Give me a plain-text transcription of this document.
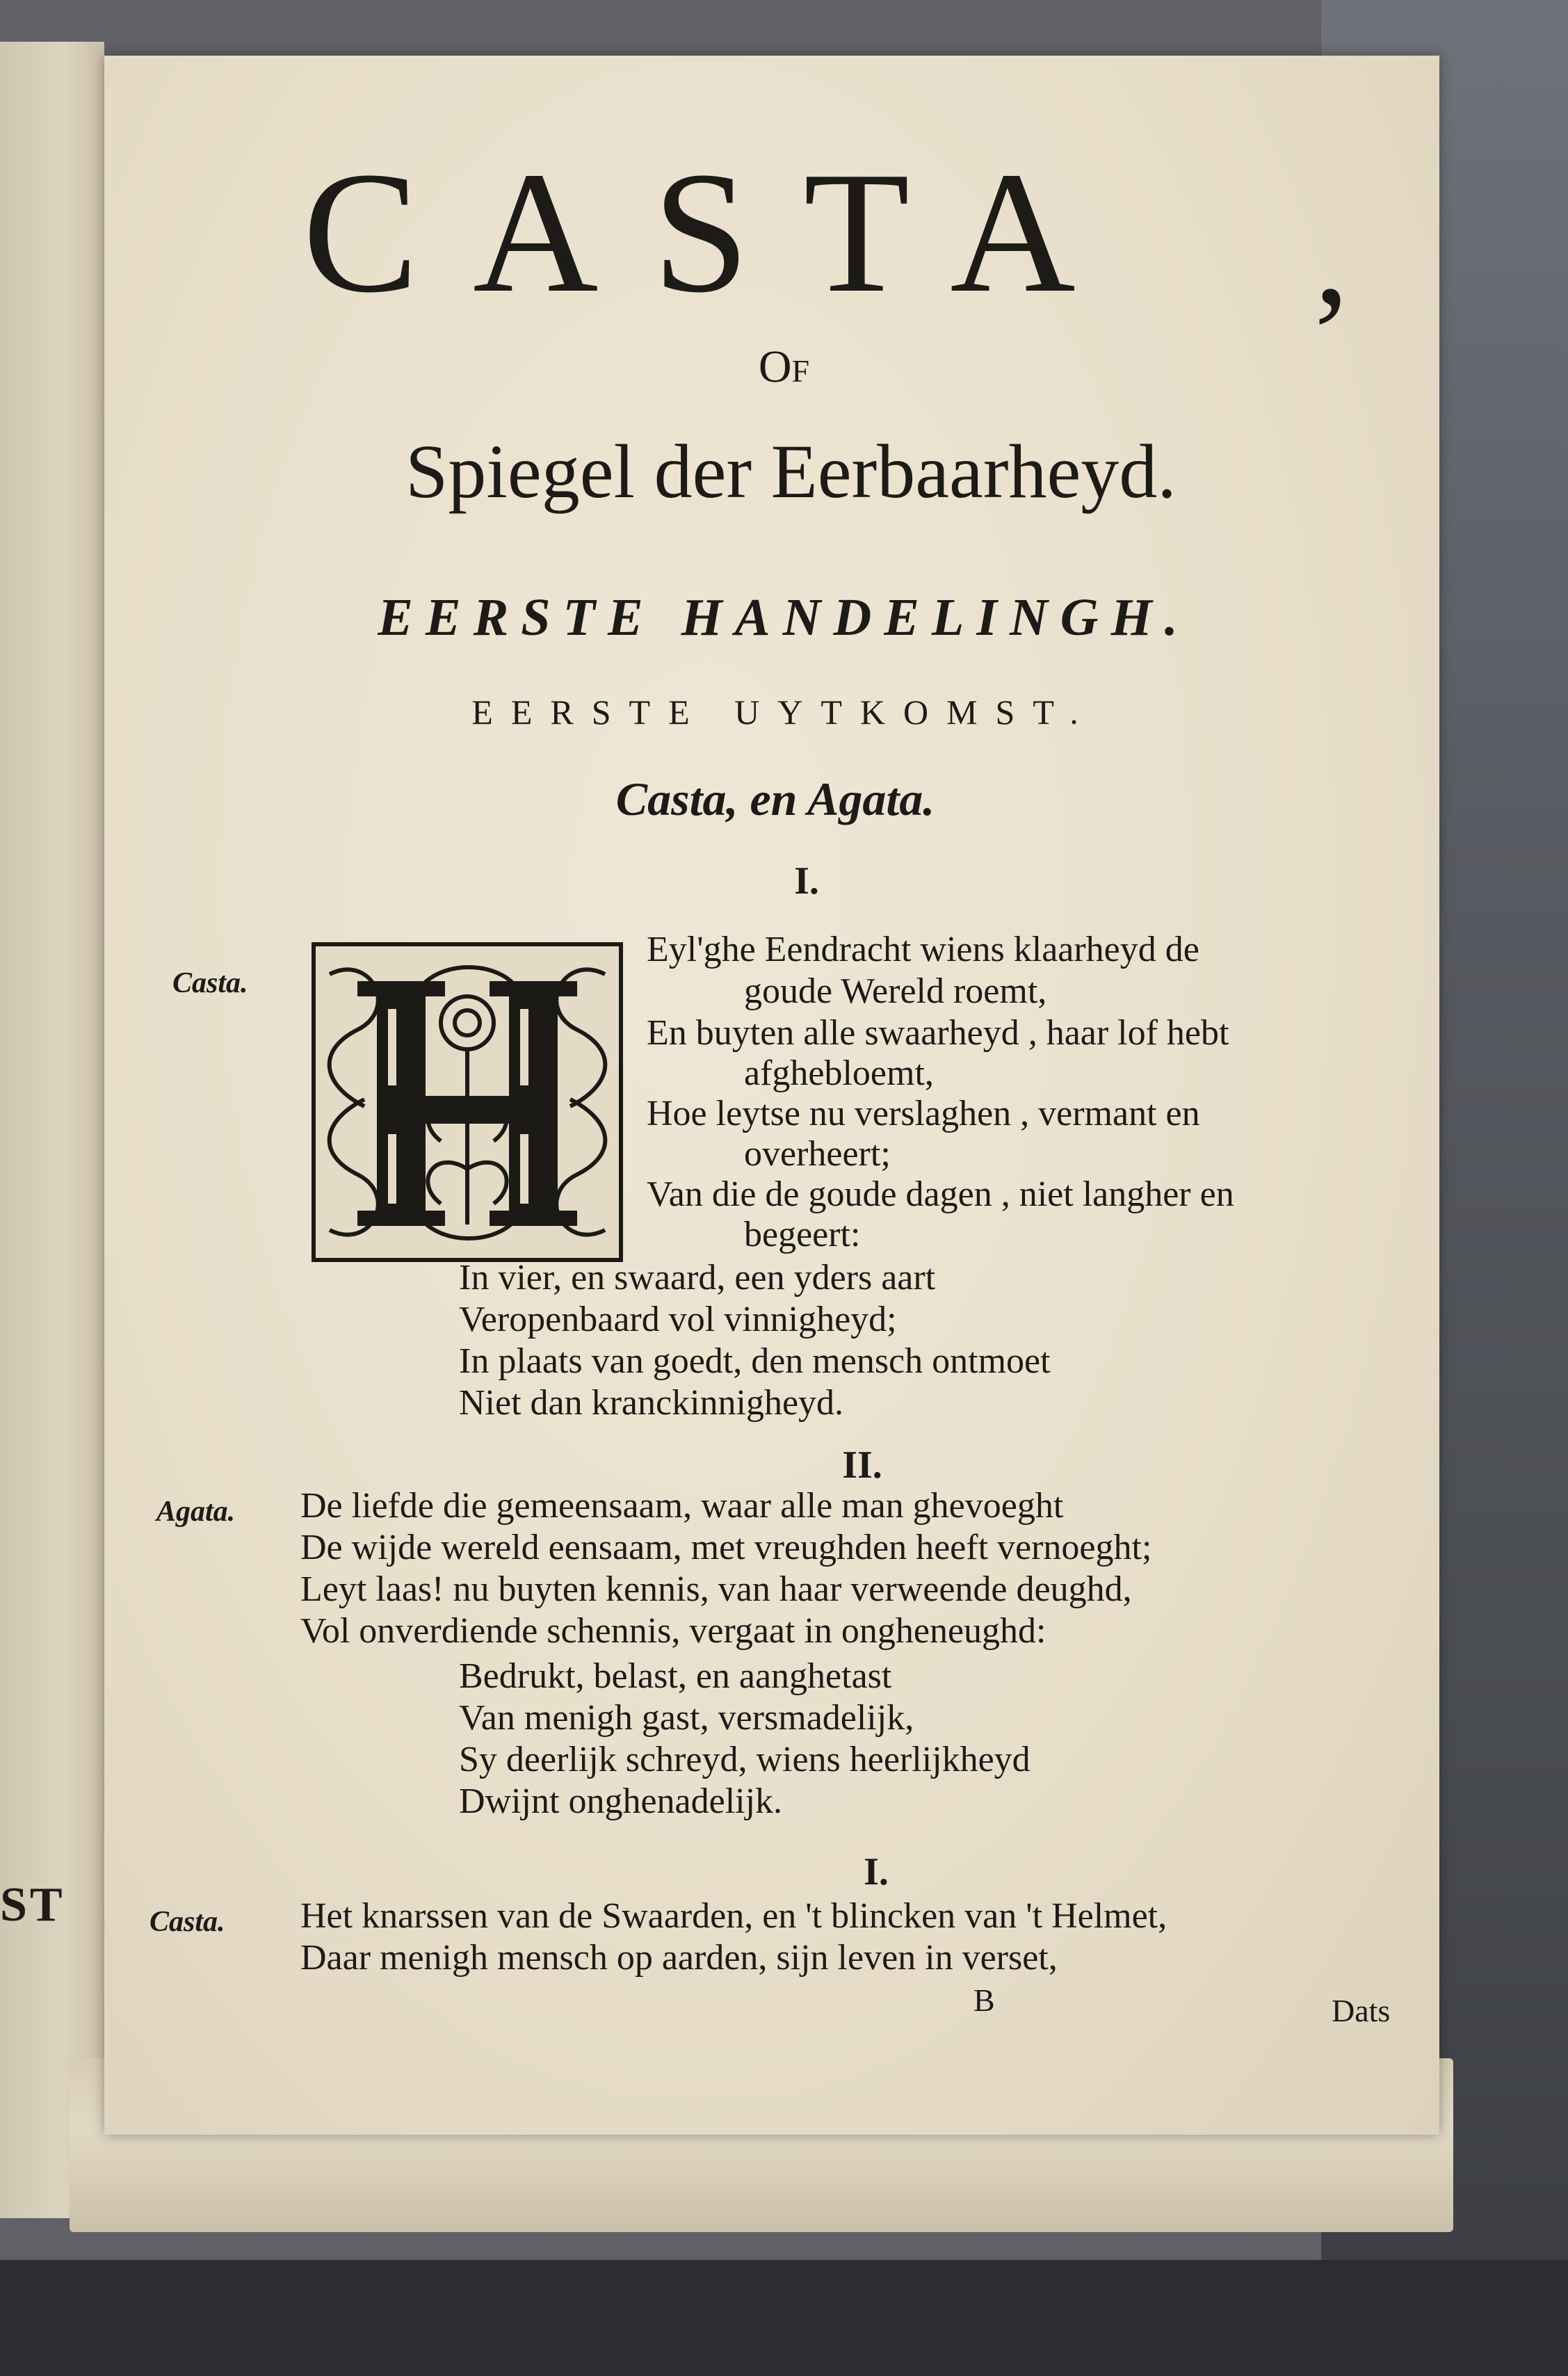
ST
CASTA	,
Of
Spiegel der Eerbaarheyd.
EERSTE HANDELINGH.
EERSTE UYTKOMST.
Casta, en Agata.
I.
Casta.
Eyl'ghe Eendracht wiens klaarheyd de
goude Wereld roemt,
En buyten alle swaarheyd , haar lof hebt
afghebloemt,
Hoe leytse nu verslaghen , vermant en
overheert;
Van die de goude dagen , niet langher en
begeert:
In vier, en swaard, een yders aart
Veropenbaard vol vinnigheyd;
In plaats van goedt, den mensch ontmoet
Niet dan kranckinnigheyd.
II.
Agata. De liefde die gemeensaam, waar alle man ghevoeght
De wijde wereld eensaam, met vreughden heeft vernoeght;
Leyt laas! nu buyten kennis, van haar verweende deughd,
Vol onverdiende schennis, vergaat in ongheneughd:
Bedrukt, belast, en aanghetast
Van menigh gast, versmadelijk,
Sy deerlijk schreyd, wiens heerlijkheyd
Dwijnt onghenadelijk.
I.
Casta. Het knarssen van de Swaarden, en 't blincken van 't Helmet,
Daar menigh mensch op aarden, sijn leven in verset,
B	Dats
